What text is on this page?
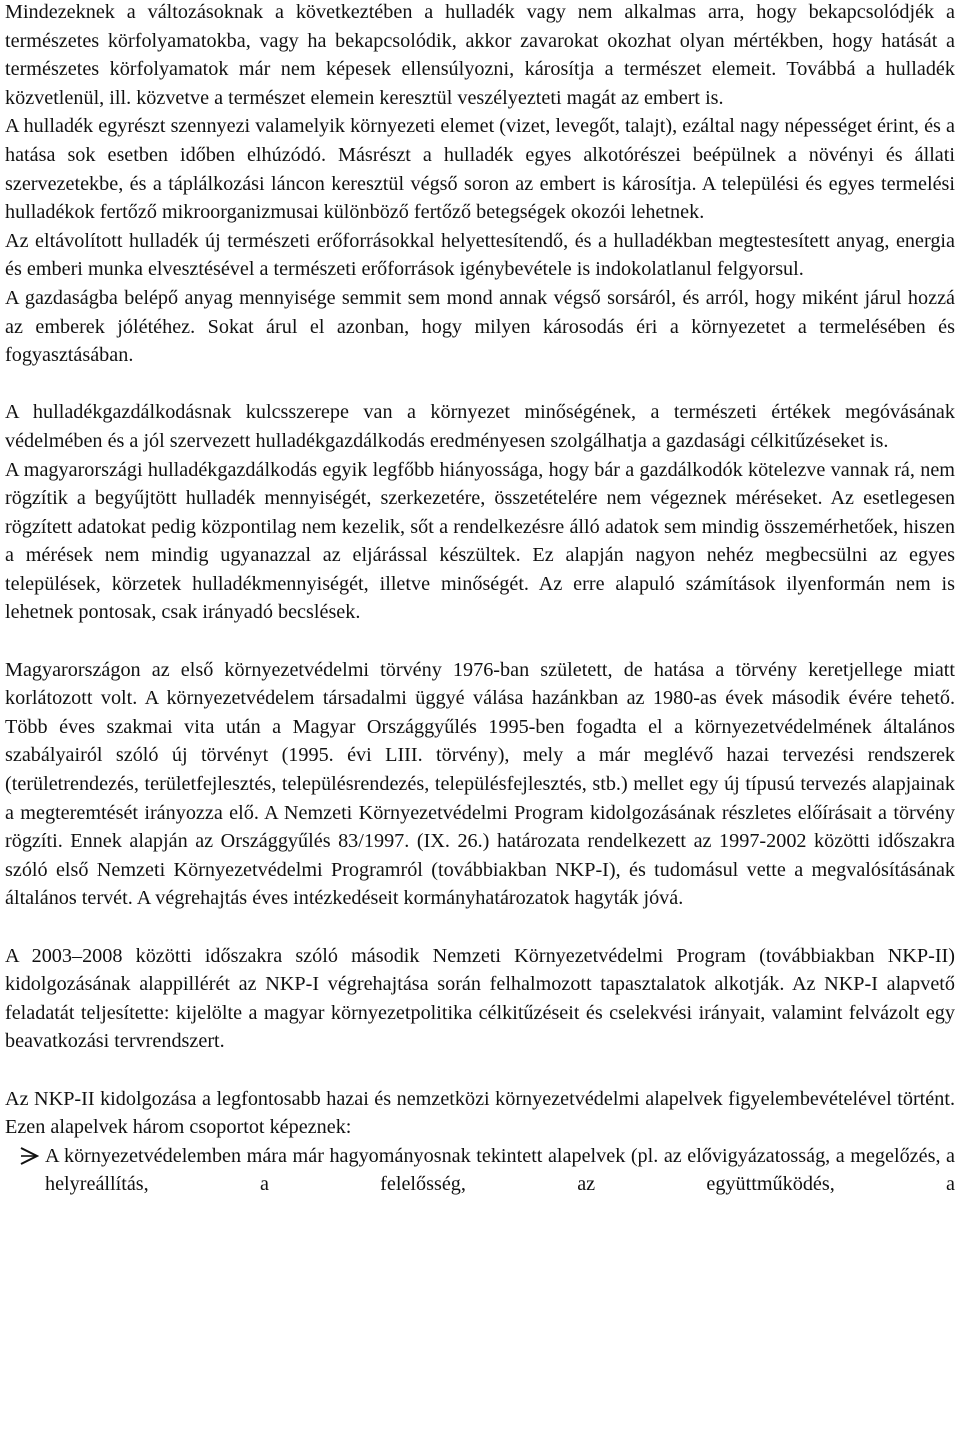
Mindezeknek a változásoknak a következtében a hulladék vagy nem alkalmas arra, hogy bekapcsolódjék a természetes körfolyamatokba, vagy ha bekapcsolódik, akkor zavarokat okozhat olyan mértékben, hogy hatását a természetes körfolyamatok már nem képesek ellensúlyozni, károsítja a természet elemeit. Továbbá a hulladék közvetlenül, ill. közvetve a természet elemein keresztül veszélyezteti magát az embert is.

A hulladék egyrészt szennyezi valamelyik környezeti elemet (vizet, levegőt, talajt), ezáltal nagy népességet érint, és a hatása sok esetben időben elhúzódó. Másrészt a hulladék egyes alkotórészei beépülnek a növényi és állati szervezetekbe, és a táplálkozási láncon keresztül végső soron az embert is károsítja. A települési és egyes termelési hulladékok fertőző mikroorganizmusai különböző fertőző betegségek okozói lehetnek.

Az eltávolított hulladék új természeti erőforrásokkal helyettesítendő, és a hulladékban megtestesített anyag, energia és emberi munka elvesztésével a természeti erőforrások igénybevétele is indokolatlanul felgyorsul.

A gazdaságba belépő anyag mennyisége semmit sem mond annak végső sorsáról, és arról, hogy miként járul hozzá az emberek jólétéhez. Sokat árul el azonban, hogy milyen károsodás éri a környezetet a termelésében és fogyasztásában.

A hulladékgazdálkodásnak kulcsszerepe van a környezet minőségének, a természeti értékek megóvásának védelmében és a jól szervezett hulladékgazdálkodás eredményesen szolgálhatja a gazdasági célkitűzéseket is.

A magyarországi hulladékgazdálkodás egyik legfőbb hiányossága, hogy bár a gazdálkodók kötelezve vannak rá, nem rögzítik a begyűjtött hulladék mennyiségét, szerkezetére, összetételére nem végeznek méréseket. Az esetlegesen rögzített adatokat pedig központilag nem kezelik, sőt a rendelkezésre álló adatok sem mindig összemérhetőek, hiszen a mérések nem mindig ugyanazzal az eljárással készültek. Ez alapján nagyon nehéz megbecsülni az egyes települések, körzetek hulladékmennyiségét, illetve minőségét. Az erre alapuló számítások ilyenformán nem is lehetnek pontosak, csak irányadó becslések.

Magyarországon az első környezetvédelmi törvény 1976-ban született, de hatása a törvény keretjellege miatt korlátozott volt. A környezetvédelem társadalmi üggyé válása hazánkban az 1980-as évek második évére tehető. Több éves szakmai vita után a Magyar Országgyűlés 1995-ben fogadta el a környezetvédelmének általános szabályairól szóló új törvényt (1995. évi LIII. törvény), mely a már meglévő hazai tervezési rendszerek (területrendezés, területfejlesztés, településrendezés, településfejlesztés, stb.) mellet egy új típusú tervezés alapjainak a megteremtését irányozza elő. A Nemzeti Környezetvédelmi Program kidolgozásának részletes előírásait a törvény rögzíti. Ennek alapján az Országgyűlés 83/1997. (IX. 26.) határozata rendelkezett az 1997-2002 közötti időszakra szóló első Nemzeti Környezetvédelmi Programról (továbbiakban NKP-I), és tudomásul vette a megvalósításának általános tervét. A végrehajtás éves intézkedéseit kormányhatározatok hagyták jóvá.

A 2003–2008 közötti időszakra szóló második Nemzeti Környezetvédelmi Program (továbbiakban NKP-II) kidolgozásának alappillérét az NKP-I végrehajtása során felhalmozott tapasztalatok alkotják. Az NKP-I alapvető feladatát teljesítette: kijelölte a magyar környezetpolitika célkitűzéseit és cselekvési irányait, valamint felvázolt egy beavatkozási tervrendszert.

Az NKP-II kidolgozása a legfontosabb hazai és nemzetközi környezetvédelmi alapelvek figyelembevételével történt. Ezen alapelvek három csoportot képeznek:

A környezetvédelemben mára már hagyományosnak tekintett alapelvek (pl. az elővigyázatosság, a megelőzés, a helyreállítás, a felelősség, az együttműködés, a
